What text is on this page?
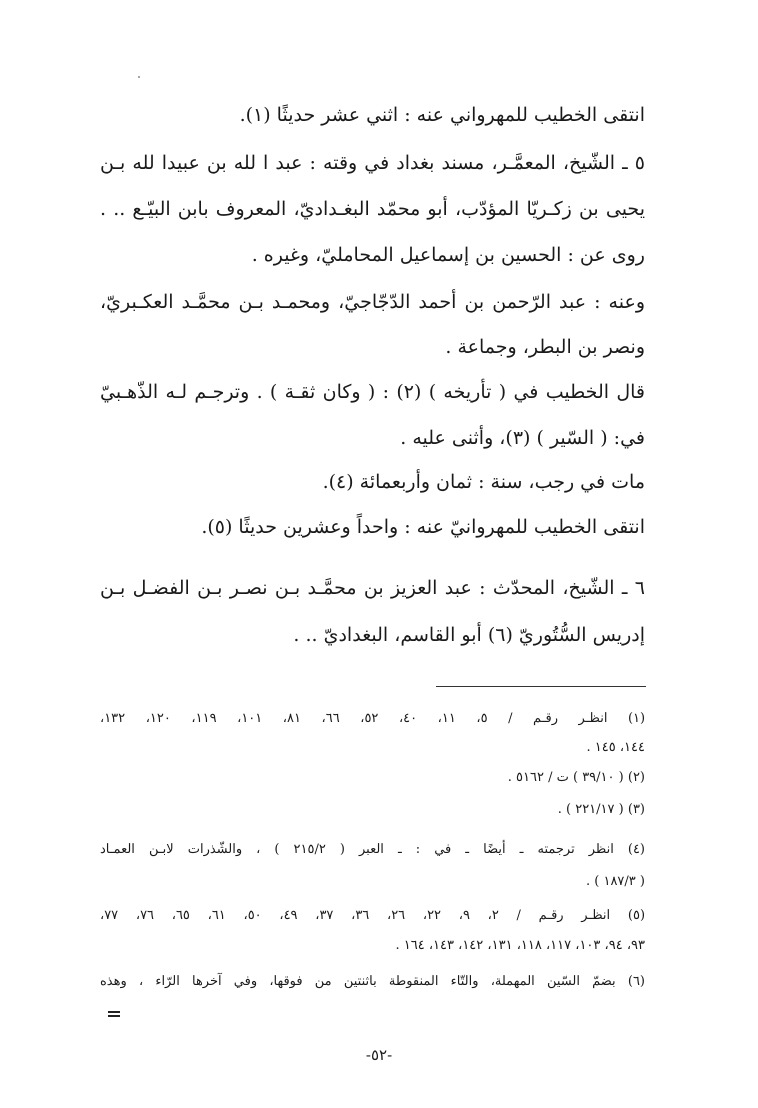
انتقى الخطيب للمهرواني عنه : اثني عشر حديثًا (١).
٥ ـ الشّيخ، المعمَّـر، مسند بغداد في وقته : عبد ا لله بن عبيدا لله بـن
يحيى بن زكـريّا المؤدّب، أبو محمّد البغـداديّ، المعروف بابن البيّـع .. .
روى عن : الحسين بن إسماعيل المحامليّ، وغيره .
وعنه : عبد الرّحمن بن أحمد الدّجّاجيّ، ومحمـد بـن محمَّـد العكـبريّ،
ونصر بن البطر، وجماعة .
قال الخطيب في ( تأريخه ) (٢) : ( وكان ثقـة ) . وترجـم لـه الذّهـبيّ
في: ( السّير ) (٣)، وأثنى عليه .
مات في رجب، سنة : ثمان وأربعمائة (٤).
انتقى الخطيب للمهروانيّ عنه : واحداً وعشرين حديثًا (٥).
٦ ـ الشّيخ، المحدّث : عبد العزيز بن محمَّـد بـن نصـر بـن الفضـل بـن
إدريس السُّتُوريّ (٦) أبو القاسم، البغداديّ .. .
(١) انظـر رقـم / ٥، ١١، ٤٠، ٥٢، ٦٦، ٨١، ١٠١، ١١٩، ١٢٠، ١٣٢،
١٤٤، ١٤٥ .
(٢) ( ٣٩/١٠ ) ت / ٥١٦٢ .
(٣) ( ٢٢١/١٧ ) .
(٤) انظر ترجمته ـ أيضًا ـ في : ـ العبر ( ٢١٥/٢ ) ، والشّذرات لابـن العمـاد
( ١٨٧/٣ ) .
(٥) انظـر رقـم / ٢، ٩، ٢٢، ٢٦، ٣٦، ٣٧، ٤٩، ٥٠، ٦١، ٦٥، ٧٦، ٧٧،
٩٣، ٩٤، ١٠٣، ١١٧، ١١٨، ١٣١، ١٤٢، ١٤٣، ١٦٤ .
(٦) بضمّ السّين المهملة، والتّاء المنقوطة باثنتين من فوقها، وفي آخرها الرّاء ، وهذه
-٥٢-
